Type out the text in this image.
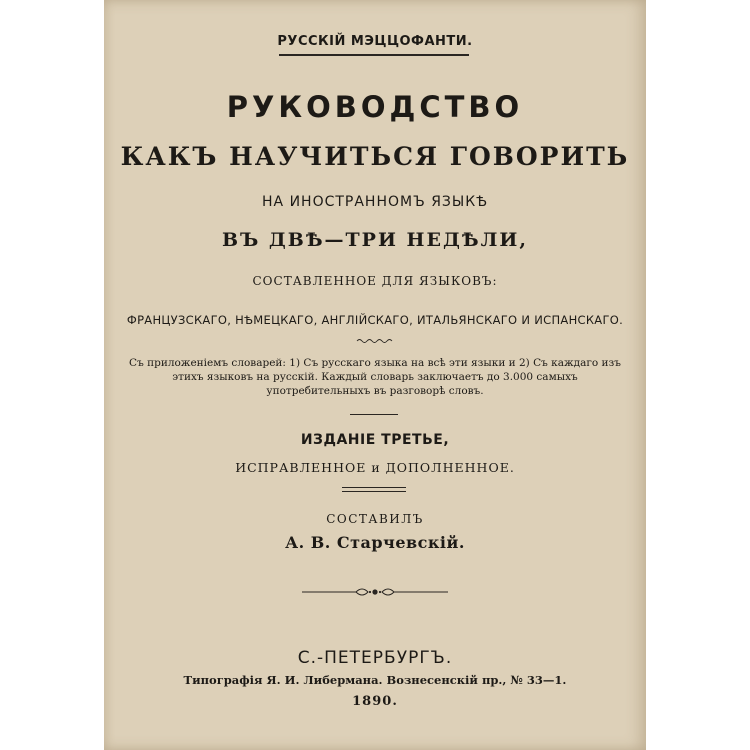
РУССКIЙ МЭЦЦОФАНТИ.
РУКОВОДСТВО
КАКЪ НАУЧИТЬСЯ ГОВОРИТЬ
НА ИНОСТРАННОМЪ ЯЗЫКѢ
ВЪ ДВѢ—ТРИ НЕДѢЛИ,
СОСТАВЛЕННОЕ ДЛЯ ЯЗЫКОВЪ:
ФРАНЦУЗСКАГО, НѢМЕЦКАГО, АНГЛIЙСКАГО, ИТАЛЬЯНСКАГО И ИСПАНСКАГО.
Съ приложенiемъ словарей: 1) Съ русскаго языка на всѣ эти языки и 2) Съ каждаго изъ этихъ языковъ на русскiй. Каждый словарь заключаетъ до 3.000 самыхъ употребительныхъ въ разговорѣ словъ.
ИЗДАНIЕ ТРЕТЬЕ,
ИСПРАВЛЕННОЕ и ДОПОЛНЕННОЕ.
СОСТАВИЛЪ
А. В. Старчевскiй.
С.-ПЕТЕРБУРГЪ.
Типографiя Я. И. Либермана. Вознесенскiй пр., № 33—1.
1890.
